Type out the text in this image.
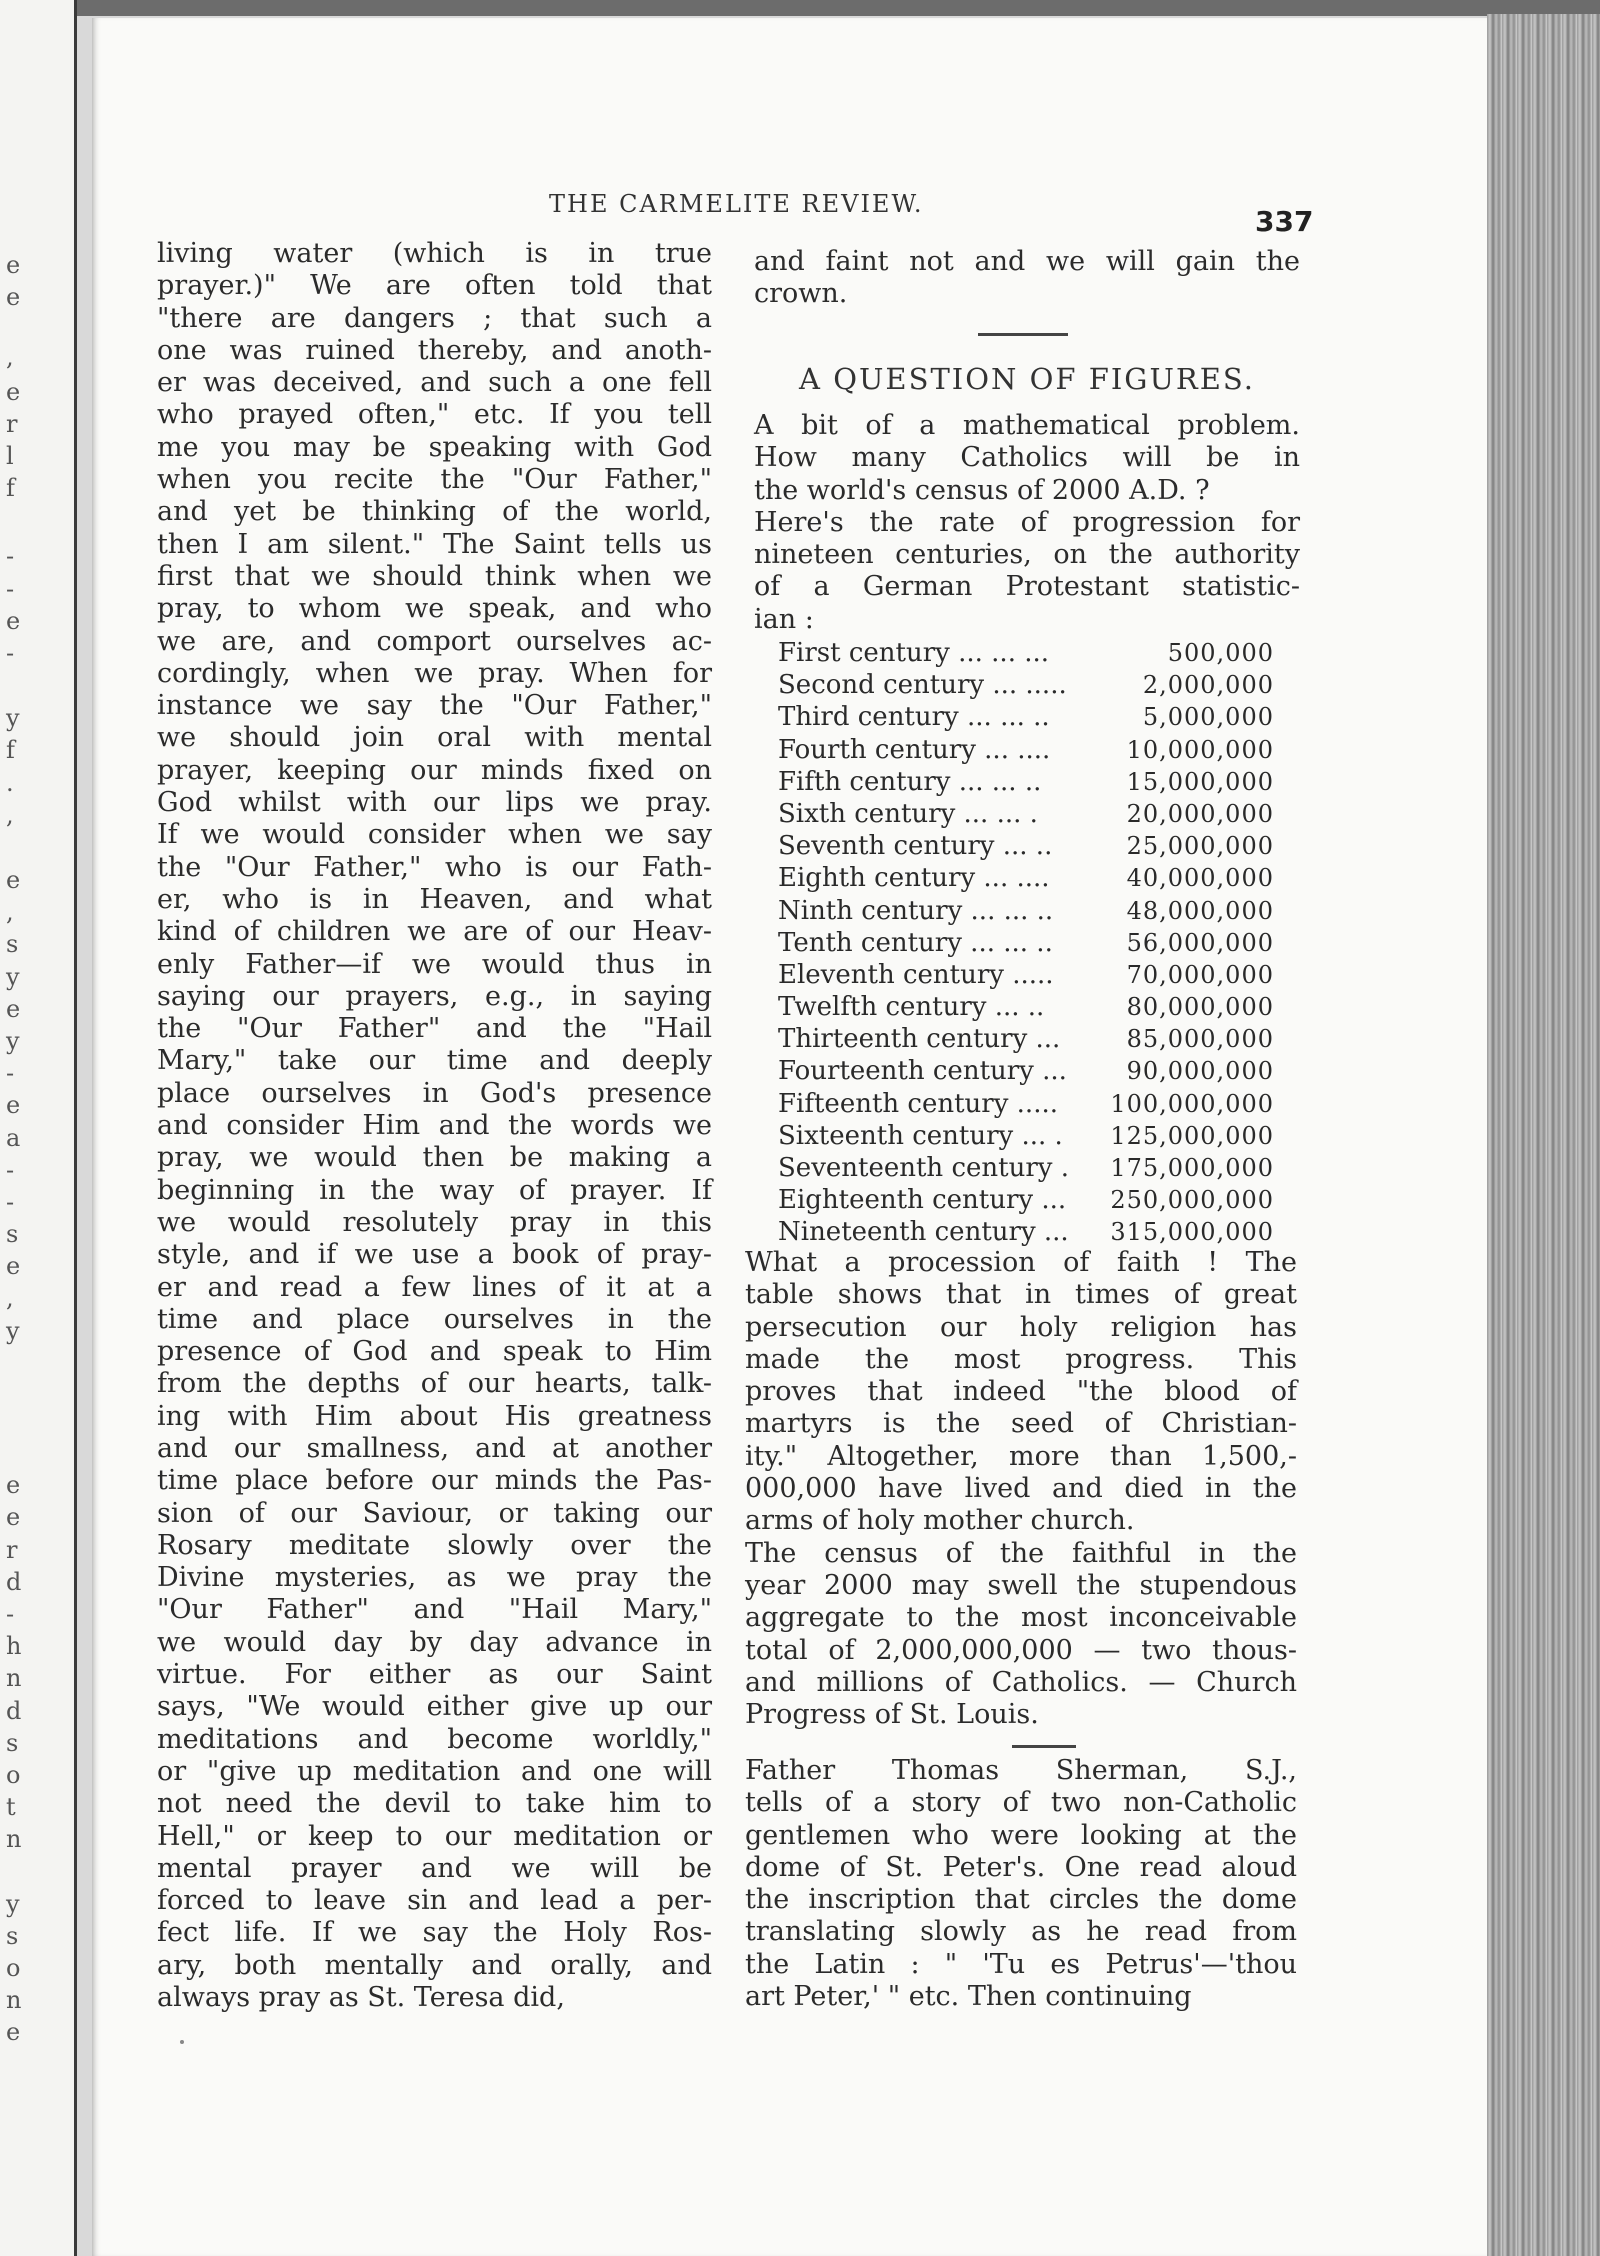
e
e
,
e
r
l
f
-
-
e
-
y
f
.
,
e
,
s
y
e
y
-
e
a
-
-
s
e
,
y
e
e
r
d
-
h
n
d
s
o
t
n
y
s
o
n
e
THE CARMELITE REVIEW.
337
living water (which is in true
prayer.)" We are often told that
"there are dangers ; that such a
one was ruined thereby, and anoth-
er was deceived, and such a one fell
who prayed often," etc. If you tell
me you may be speaking with God
when you recite the "Our Father,"
and yet be thinking of the world,
then I am silent." The Saint tells us
first that we should think when we
pray, to whom we speak, and who
we are, and comport ourselves ac-
cordingly, when we pray. When for
instance we say the "Our Father,"
we should join oral with mental
prayer, keeping our minds fixed on
God whilst with our lips we pray.
If we would consider when we say
the "Our Father," who is our Fath-
er, who is in Heaven, and what
kind of children we are of our Heav-
enly Father—if we would thus in
saying our prayers, e.g., in saying
the "Our Father" and the "Hail
Mary," take our time and deeply
place ourselves in God's presence
and consider Him and the words we
pray, we would then be making a
beginning in the way of prayer. If
we would resolutely pray in this
style, and if we use a book of pray-
er and read a few lines of it at a
time and place ourselves in the
presence of God and speak to Him
from the depths of our hearts, talk-
ing with Him about His greatness
and our smallness, and at another
time place before our minds the Pas-
sion of our Saviour, or taking our
Rosary meditate slowly over the
Divine mysteries, as we pray the
"Our Father" and "Hail Mary,"
we would day by day advance in
virtue. For either as our Saint
says, "We would either give up our
meditations and become worldly,"
or "give up meditation and one will
not need the devil to take him to
Hell," or keep to our meditation or
mental prayer and we will be
forced to leave sin and lead a per-
fect life. If we say the Holy Ros-
ary, both mentally and orally, and
always pray as St. Teresa did,
and faint not and we will gain the
crown.
A QUESTION OF FIGURES.
A bit of a mathematical problem.
How many Catholics will be in
the world's census of 2000 A.D. ?
Here's the rate of progression for
nineteen centuries, on the authority
of a German Protestant statistic-
ian :
First century ... ... ...	500,000
Second century ... .....	2,000,000
Third century ... ... ..	5,000,000
Fourth century ... ....	10,000,000
Fifth century ... ... ..	15,000,000
Sixth century ... ... .	20,000,000
Seventh century ... ..	25,000,000
Eighth century ... ....	40,000,000
Ninth century ... ... ..	48,000,000
Tenth century ... ... ..	56,000,000
Eleventh century .....	70,000,000
Twelfth century ... ..	80,000,000
Thirteenth century ...	85,000,000
Fourteenth century ... 90,000,000
Fifteenth century ..... 100,000,000
Sixteenth century ... . 125,000,000
Seventeenth century . 175,000,000
Eighteenth century ... 250,000,000
Nineteenth century ... 315,000,000
What a procession of faith ! The
table shows that in times of great
persecution our holy religion has
made the most progress. This
proves that indeed "the blood of
martyrs is the seed of Christian-
ity." Altogether, more than 1,500,-
000,000 have lived and died in the
arms of holy mother church.
The census of the faithful in the
year 2000 may swell the stupendous
aggregate to the most inconceivable
total of 2,000,000,000 — two thous-
and millions of Catholics. — Church
Progress of St. Louis.
Father Thomas Sherman, S.J.,
tells of a story of two non-Catholic
gentlemen who were looking at the
dome of St. Peter's. One read aloud
the inscription that circles the dome
translating slowly as he read from
the Latin : " 'Tu es Petrus'—'thou
art Peter,' " etc. Then continuing
